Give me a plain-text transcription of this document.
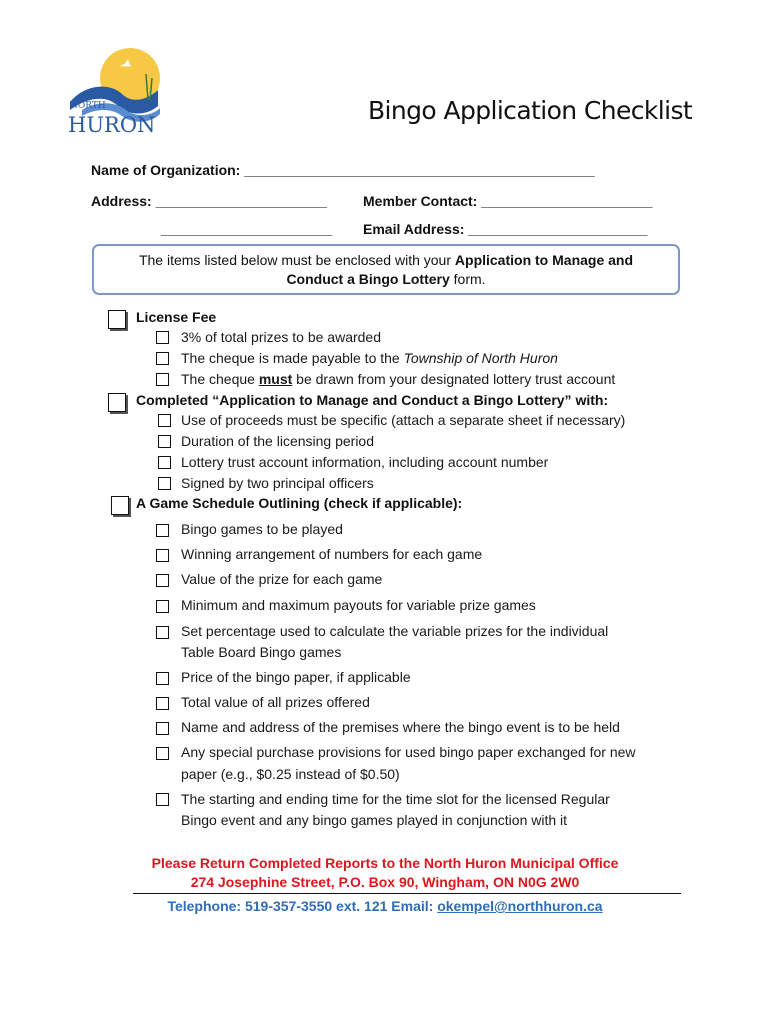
NORTH
HURON	Bingo Application Checklist
Name of Organization: _____________________________________________
Address: ______________________	Member Contact: ______________________
______________________ Email Address: _______________________
The items listed below must be enclosed with your Application to Manage and
Conduct a Bingo Lottery form.
License Fee
3% of total prizes to be awarded
The cheque is made payable to the Township of North Huron
The cheque must be drawn from your designated lottery trust account
Completed “Application to Manage and Conduct a Bingo Lottery” with:
Use of proceeds must be specific (attach a separate sheet if necessary)
Duration of the licensing period
Lottery trust account information, including account number
Signed by two principal officers
A Game Schedule Outlining (check if applicable):
Bingo games to be played
Winning arrangement of numbers for each game
Value of the prize for each game
Minimum and maximum payouts for variable prize games
Set percentage used to calculate the variable prizes for the individual
Table Board Bingo games
Price of the bingo paper, if applicable
Total value of all prizes offered
Name and address of the premises where the bingo event is to be held
Any special purchase provisions for used bingo paper exchanged for new
paper (e.g., $0.25 instead of $0.50)
The starting and ending time for the time slot for the licensed Regular
Bingo event and any bingo games played in conjunction with it
Please Return Completed Reports to the North Huron Municipal Office
274 Josephine Street, P.O. Box 90, Wingham, ON N0G 2W0
Telephone: 519-357-3550 ext. 121 Email: okempel@northhuron.ca
